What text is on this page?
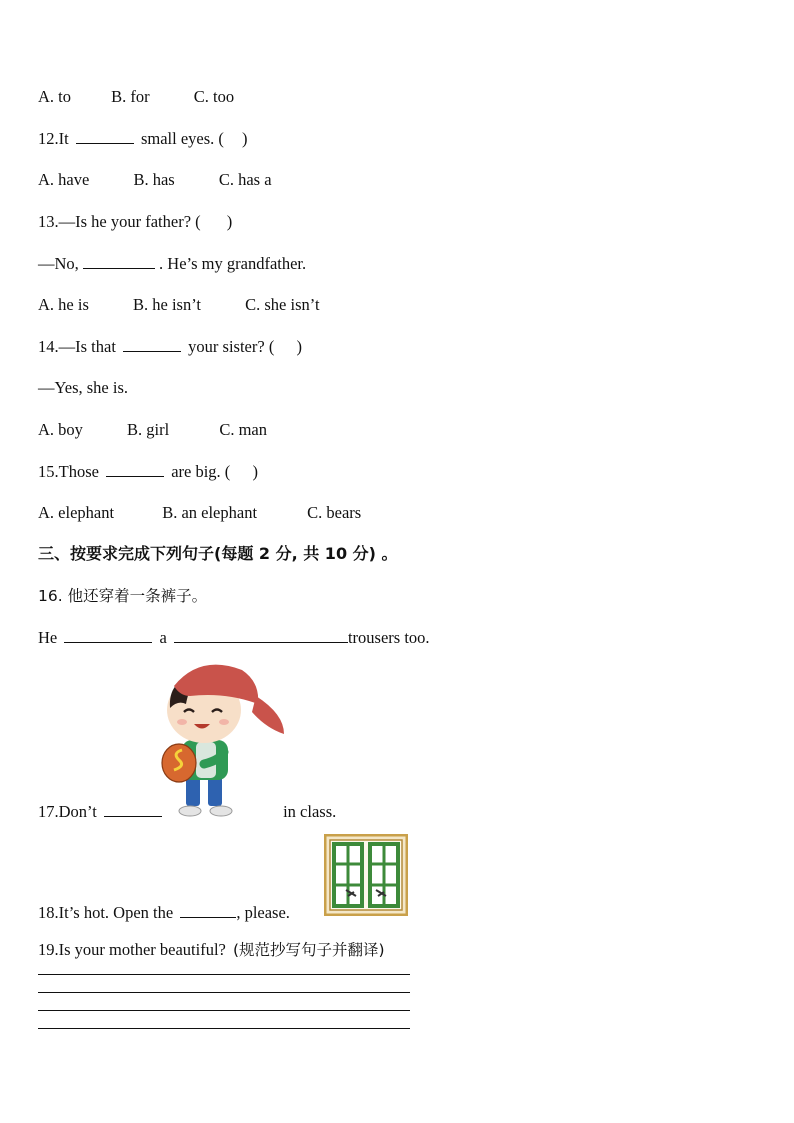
A. to B. for	C. too
12.It	small eyes. ( )
A. have	B. has	C. has a
13.—Is he your father? ( )
—No,	. He’s my grandfather.
A. he is	B. he isn’t	C. she isn’t
14.—Is that	your sister? ( )
—Yes, she is.
A. boy	B. girl	C. man
15.Those	are big. ( )
A. elephant	B. an elephant	C. bears
三、按要求完成下列句子(每题 2 分, 共 10 分) 。
16. 他还穿着一条裤子。
He	a	trousers too.
17.Don’t	in class.
18.It’s hot. Open the	, please.
19.Is your mother beautiful? (规范抄写句子并翻译)
